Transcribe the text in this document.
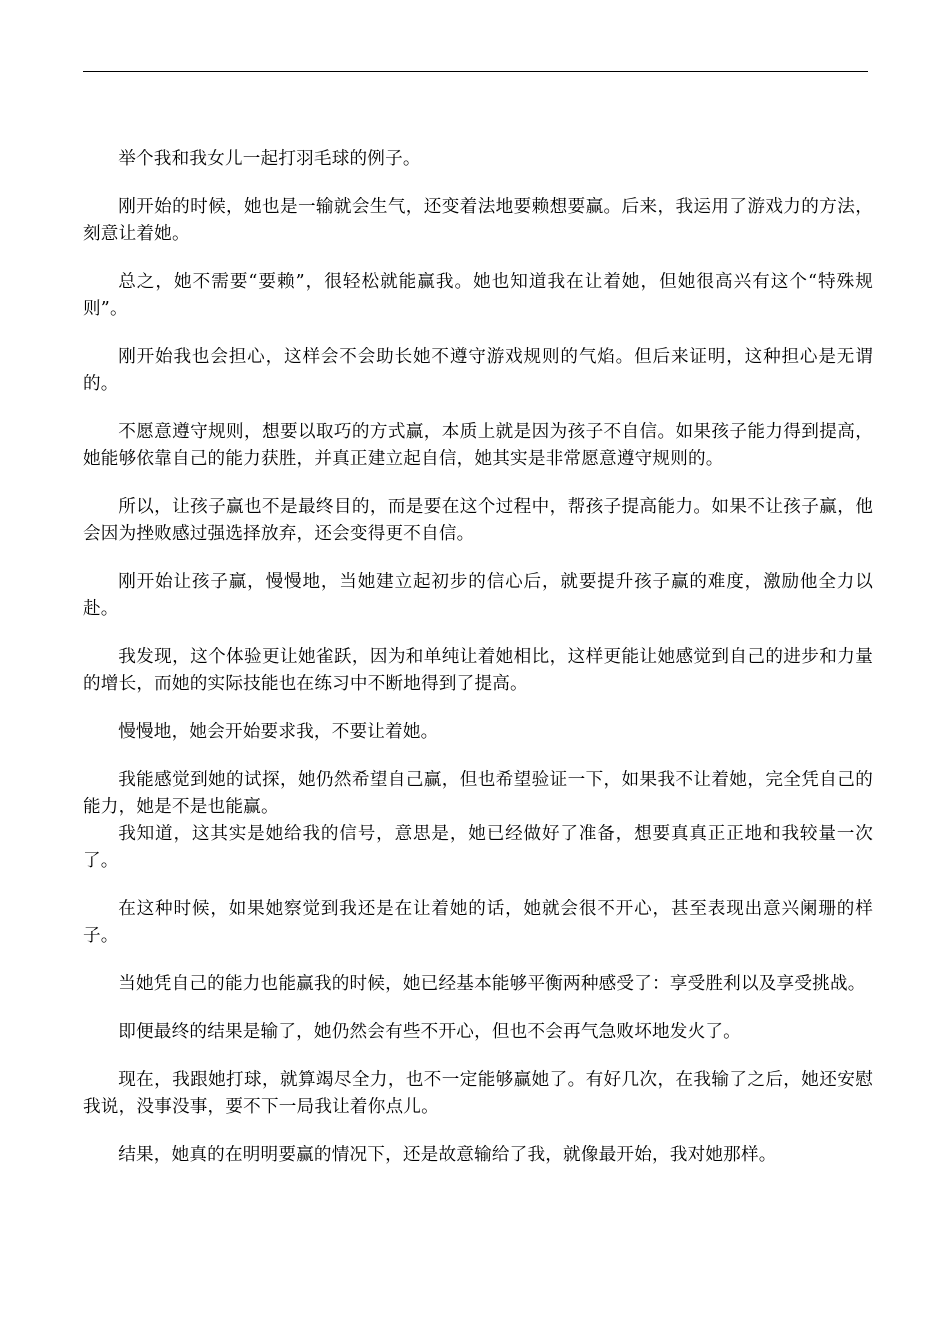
举个我和我女儿一起打羽毛球的例子。

刚开始的时候，她也是一输就会生气，还变着法地要赖想要赢。后来，我运用了游戏力的方法，刻意让着她。

总之，她不需要“要赖”，很轻松就能赢我。她也知道我在让着她，但她很高兴有这个“特殊规则”。

刚开始我也会担心，这样会不会助长她不遵守游戏规则的气焰。但后来证明，这种担心是无谓的。

不愿意遵守规则，想要以取巧的方式赢，本质上就是因为孩子不自信。如果孩子能力得到提高，她能够依靠自己的能力获胜，并真正建立起自信，她其实是非常愿意遵守规则的。

所以，让孩子赢也不是最终目的，而是要在这个过程中，帮孩子提高能力。如果不让孩子赢，他会因为挫败感过强选择放弃，还会变得更不自信。

刚开始让孩子赢，慢慢地，当她建立起初步的信心后，就要提升孩子赢的难度，激励他全力以赴。

我发现，这个体验更让她雀跃，因为和单纯让着她相比，这样更能让她感觉到自己的进步和力量的增长，而她的实际技能也在练习中不断地得到了提高。

慢慢地，她会开始要求我，不要让着她。

我能感觉到她的试探，她仍然希望自己赢，但也希望验证一下，如果我不让着她，完全凭自己的能力，她是不是也能赢。

我知道，这其实是她给我的信号，意思是，她已经做好了准备，想要真真正正地和我较量一次了。

在这种时候，如果她察觉到我还是在让着她的话，她就会很不开心，甚至表现出意兴阑珊的样子。

当她凭自己的能力也能赢我的时候，她已经基本能够平衡两种感受了：享受胜利以及享受挑战。

即便最终的结果是输了，她仍然会有些不开心，但也不会再气急败坏地发火了。

现在，我跟她打球，就算竭尽全力，也不一定能够赢她了。有好几次，在我输了之后，她还安慰我说，没事没事，要不下一局我让着你点儿。

结果，她真的在明明要赢的情况下，还是故意输给了我，就像最开始，我对她那样。
